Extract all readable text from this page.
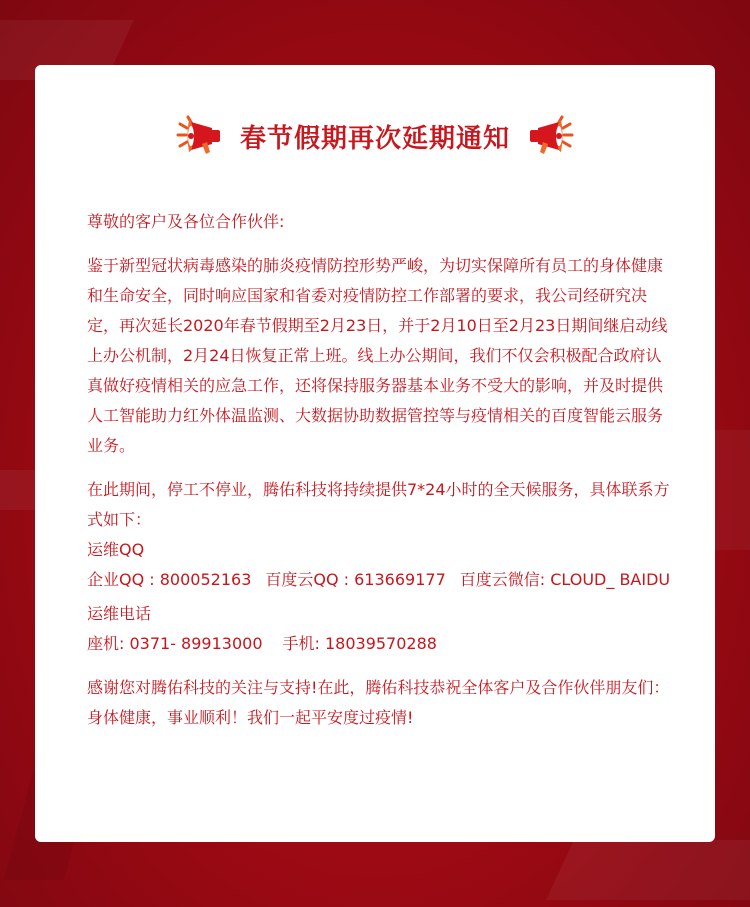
春节假期再次延期通知

尊敬的客户及各位合作伙伴:

鉴于新型冠状病毒感染的肺炎疫情防控形势严峻，为切实保障所有员工的身体健康和生命安全，同时响应国家和省委对疫情防控工作部署的要求，我公司经研究决定，再次延长2020年春节假期至2月23日，并于2月10日至2月23日期间继启动线上办公机制，2月24日恢复正常上班。线上办公期间，我们不仅会积极配合政府认真做好疫情相关的应急工作，还将保持服务器基本业务不受大的影响，并及时提供人工智能助力红外体温监测、大数据协助数据管控等与疫情相关的百度智能云服务业务。

在此期间，停工不停业，腾佑科技将持续提供7*24小时的全天候服务，具体联系方式如下：

运维QQ

企业QQ : 800052163 百度云QQ : 613669177 百度云微信: CLOUD_ BAIDU

运维电话

座机: 0371- 89913000 手机: 18039570288

感谢您对腾佑科技的关注与支持!在此，腾佑科技恭祝全体客户及合作伙伴朋友们：身体健康，事业顺利！我们一起平安度过疫情!
